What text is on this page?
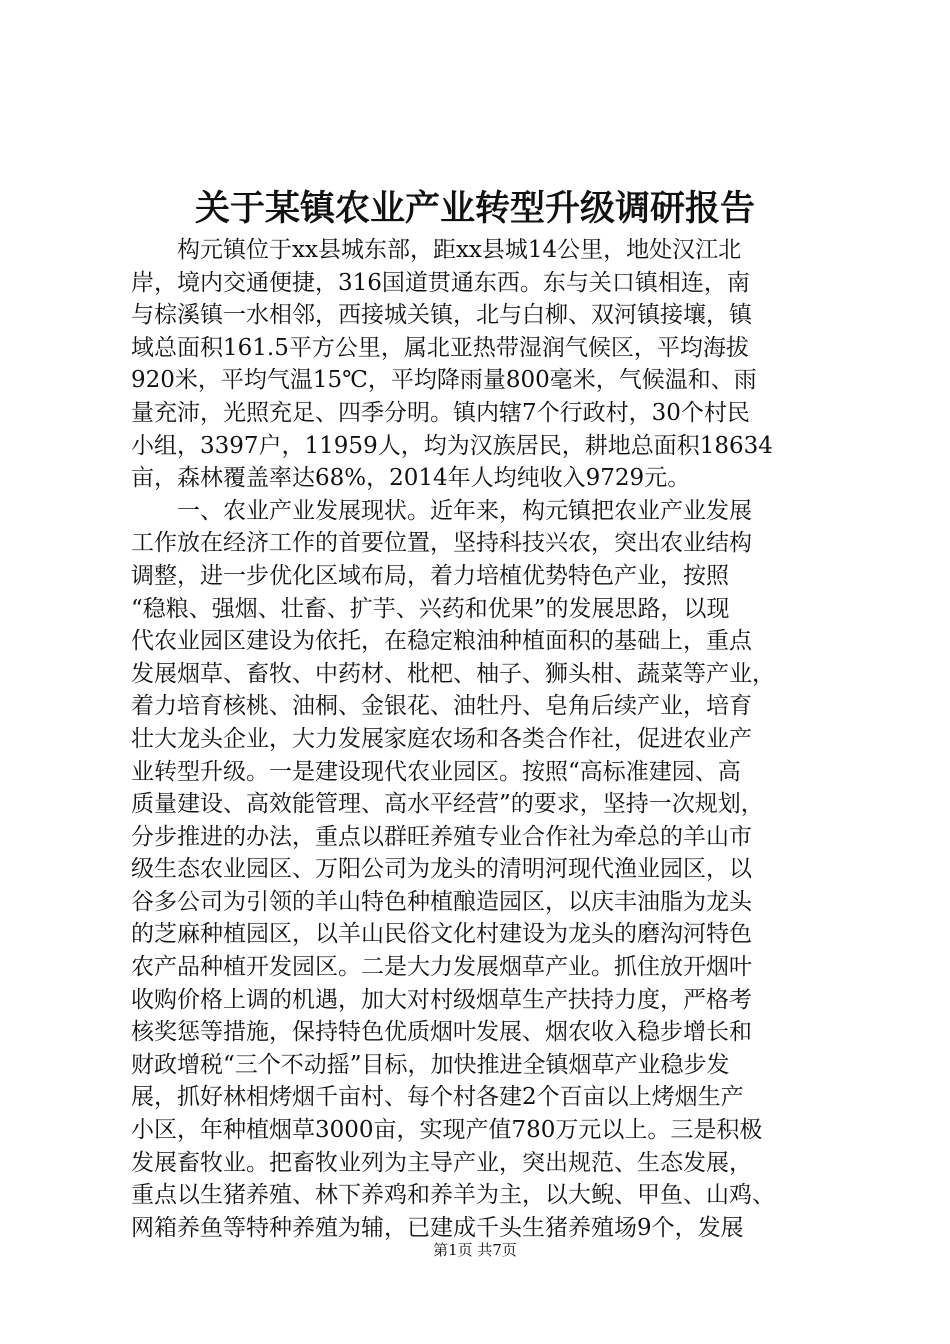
关于某镇农业产业转型升级调研报告
　　构元镇位于xx县城东部，距xx县城14公里，地处汉江北
岸，境内交通便捷，316国道贯通东西。东与关口镇相连，南
与棕溪镇一水相邻，西接城关镇，北与白柳、双河镇接壤，镇
域总面积161.5平方公里，属北亚热带湿润气候区，平均海拔
920米，平均气温15℃，平均降雨量800毫米，气候温和、雨
量充沛，光照充足、四季分明。镇内辖7个行政村，30个村民
小组，3397户，11959人，均为汉族居民，耕地总面积18634
亩，森林覆盖率达68%，2014年人均纯收入9729元。
　　一、农业产业发展现状。近年来，构元镇把农业产业发展
工作放在经济工作的首要位置，坚持科技兴农，突出农业结构
调整，进一步优化区域布局，着力培植优势特色产业，按照
“稳粮、强烟、壮畜、扩芋、兴药和优果”的发展思路，以现
代农业园区建设为依托，在稳定粮油种植面积的基础上，重点
发展烟草、畜牧、中药材、枇杷、柚子、狮头柑、蔬菜等产业，
着力培育核桃、油桐、金银花、油牡丹、皂角后续产业，培育
壮大龙头企业，大力发展家庭农场和各类合作社，促进农业产
业转型升级。一是建设现代农业园区。按照“高标准建园、高
质量建设、高效能管理、高水平经营”的要求，坚持一次规划，
分步推进的办法，重点以群旺养殖专业合作社为牵总的羊山市
级生态农业园区、万阳公司为龙头的清明河现代渔业园区，以
谷多公司为引领的羊山特色种植酿造园区，以庆丰油脂为龙头
的芝麻种植园区，以羊山民俗文化村建设为龙头的磨沟河特色
农产品种植开发园区。二是大力发展烟草产业。抓住放开烟叶
收购价格上调的机遇，加大对村级烟草生产扶持力度，严格考
核奖惩等措施，保持特色优质烟叶发展、烟农收入稳步增长和
财政增税“三个不动摇”目标，加快推进全镇烟草产业稳步发
展，抓好林相烤烟千亩村、每个村各建2个百亩以上烤烟生产
小区，年种植烟草3000亩，实现产值780万元以上。三是积极
发展畜牧业。把畜牧业列为主导产业，突出规范、生态发展，
重点以生猪养殖、林下养鸡和养羊为主，以大鲵、甲鱼、山鸡、
网箱养鱼等特种养殖为辅，已建成千头生猪养殖场9个，发展
第1页 共7页
